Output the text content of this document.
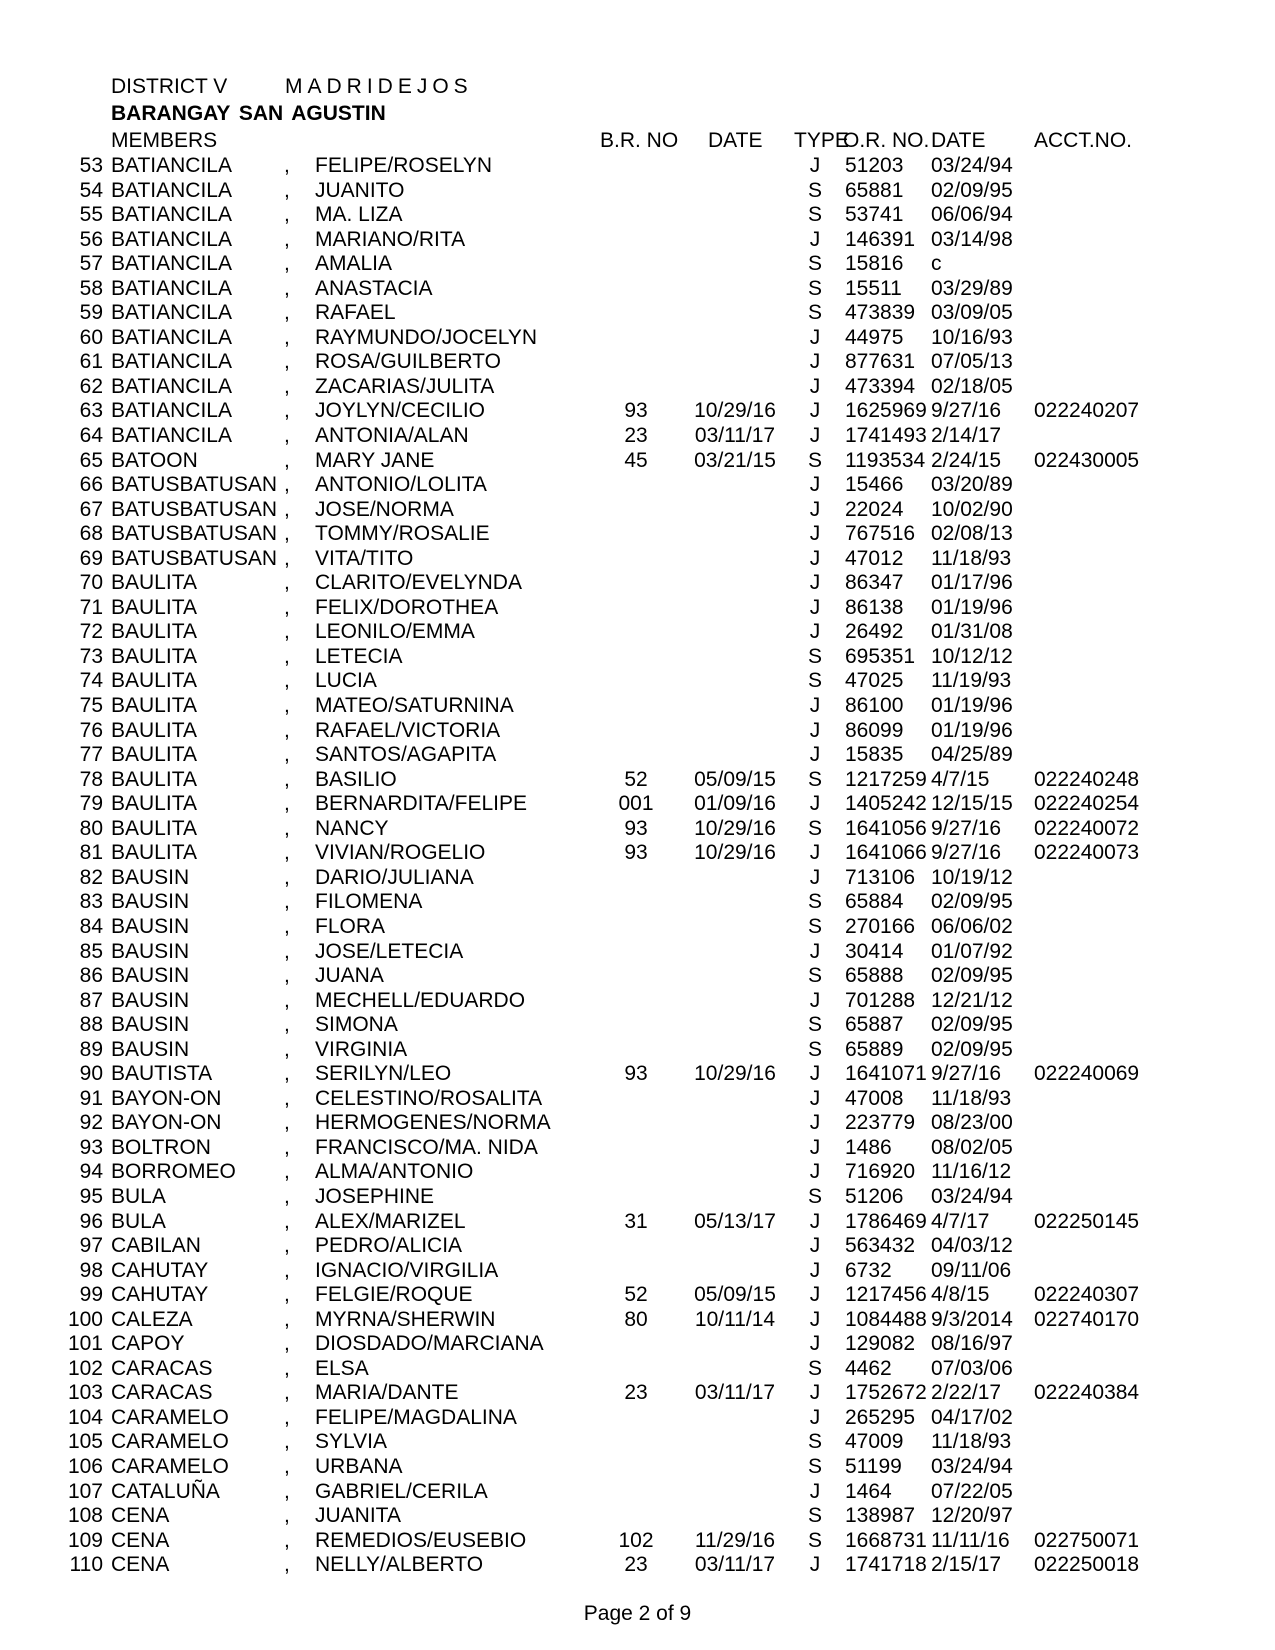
DISTRICT V	MADRIDEJOS
BARANGAY SAN AGUSTIN
MEMBERS	B.R. NO DATE TYPE
O.R. NO. DATE ACCT.NO.
53 BATIANCILA , FELIPE/ROSELYN	J	51203 03/24/94
54 BATIANCILA , JUANITO	S 65881 02/09/95
55 BATIANCILA , MA. LIZA	S 53741 06/06/94
56 BATIANCILA , MARIANO/RITA	J	146391 03/14/98
57 BATIANCILA , AMALIA	S 15816 c
58 BATIANCILA , ANASTACIA	S 15511 03/29/89
59 BATIANCILA , RAFAEL	S 473839 03/09/05
60 BATIANCILA , RAYMUNDO/JOCELYN	J	44975 10/16/93
61 BATIANCILA , ROSA/GUILBERTO	J	877631 07/05/13
62 BATIANCILA , ZACARIAS/JULITA	J	473394 02/18/05
63 BATIANCILA , JOYLYN/CECILIO	93	10/29/16	J	1625969 9/27/16 022240207
64 BATIANCILA , ANTONIA/ALAN	23	03/11/17	J	1741493 2/14/17
65 BATOON	, MARY JANE	45	03/21/15 S 1193534 2/24/15 022430005
66 BATUSBATUSAN , ANTONIO/LOLITA	J	15466 03/20/89
67 BATUSBATUSAN , JOSE/NORMA	J	22024 10/02/90
68 BATUSBATUSAN , TOMMY/ROSALIE	J	767516 02/08/13
69 BATUSBATUSAN , VITA/TITO	J	47012 11/18/93
70 BAULITA	, CLARITO/EVELYNDA	J	86347 01/17/96
71 BAULITA	, FELIX/DOROTHEA	J	86138 01/19/96
72 BAULITA	, LEONILO/EMMA	J	26492 01/31/08
73 BAULITA	, LETECIA	S 695351 10/12/12
74 BAULITA	, LUCIA	S 47025 11/19/93
75 BAULITA	, MATEO/SATURNINA	J	86100 01/19/96
76 BAULITA	, RAFAEL/VICTORIA	J	86099 01/19/96
77 BAULITA	, SANTOS/AGAPITA	J	15835 04/25/89
78 BAULITA	, BASILIO	52	05/09/15 S 1217259 4/7/15 022240248
79 BAULITA	, BERNARDITA/FELIPE	001	01/09/16	J	1405242 12/15/15 022240254
80 BAULITA	, NANCY	93	10/29/16 S 1641056 9/27/16 022240072
81 BAULITA	, VIVIAN/ROGELIO	93	10/29/16	J	1641066 9/27/16 022240073
82 BAUSIN	, DARIO/JULIANA	J	713106 10/19/12
83 BAUSIN	, FILOMENA	S 65884 02/09/95
84 BAUSIN	, FLORA	S 270166 06/06/02
85 BAUSIN	, JOSE/LETECIA	J	30414 01/07/92
86 BAUSIN	, JUANA	S 65888 02/09/95
87 BAUSIN	, MECHELL/EDUARDO	J	701288 12/21/12
88 BAUSIN	, SIMONA	S 65887 02/09/95
89 BAUSIN	, VIRGINIA	S 65889 02/09/95
90 BAUTISTA	, SERILYN/LEO	93	10/29/16	J	1641071 9/27/16 022240069
91 BAYON-ON	, CELESTINO/ROSALITA	J	47008 11/18/93
92 BAYON-ON	, HERMOGENES/NORMA	J	223779 08/23/00
93 BOLTRON	, FRANCISCO/MA. NIDA	J	1486 08/02/05
94 BORROMEO , ALMA/ANTONIO	J	716920 11/16/12
95 BULA	, JOSEPHINE	S 51206 03/24/94
96 BULA	, ALEX/MARIZEL	31	05/13/17	J	1786469 4/7/17 022250145
97 CABILAN	, PEDRO/ALICIA	J	563432 04/03/12
98 CAHUTAY	, IGNACIO/VIRGILIA	J	6732 09/11/06
99 CAHUTAY	, FELGIE/ROQUE	52	05/09/15	J	1217456 4/8/15 022240307
100 CALEZA	, MYRNA/SHERWIN	80	10/11/14	J	1084488 9/3/2014 022740170
101 CAPOY	, DIOSDADO/MARCIANA	J	129082 08/16/97
102 CARACAS	, ELSA	S 4462 07/03/06
103 CARACAS	, MARIA/DANTE	23	03/11/17	J	1752672 2/22/17 022240384
104 CARAMELO	, FELIPE/MAGDALINA	J	265295 04/17/02
105 CARAMELO	, SYLVIA	S 47009 11/18/93
106 CARAMELO	, URBANA	S 51199 03/24/94
107 CATALUÑA	, GABRIEL/CERILA	J	1464 07/22/05
108 CENA	, JUANITA	S 138987 12/20/97
109 CENA	, REMEDIOS/EUSEBIO	102	11/29/16 S 1668731 11/11/16 022750071
110 CENA	, NELLY/ALBERTO	23	03/11/17	J	1741718 2/15/17 022250018
Page 2 of 9
